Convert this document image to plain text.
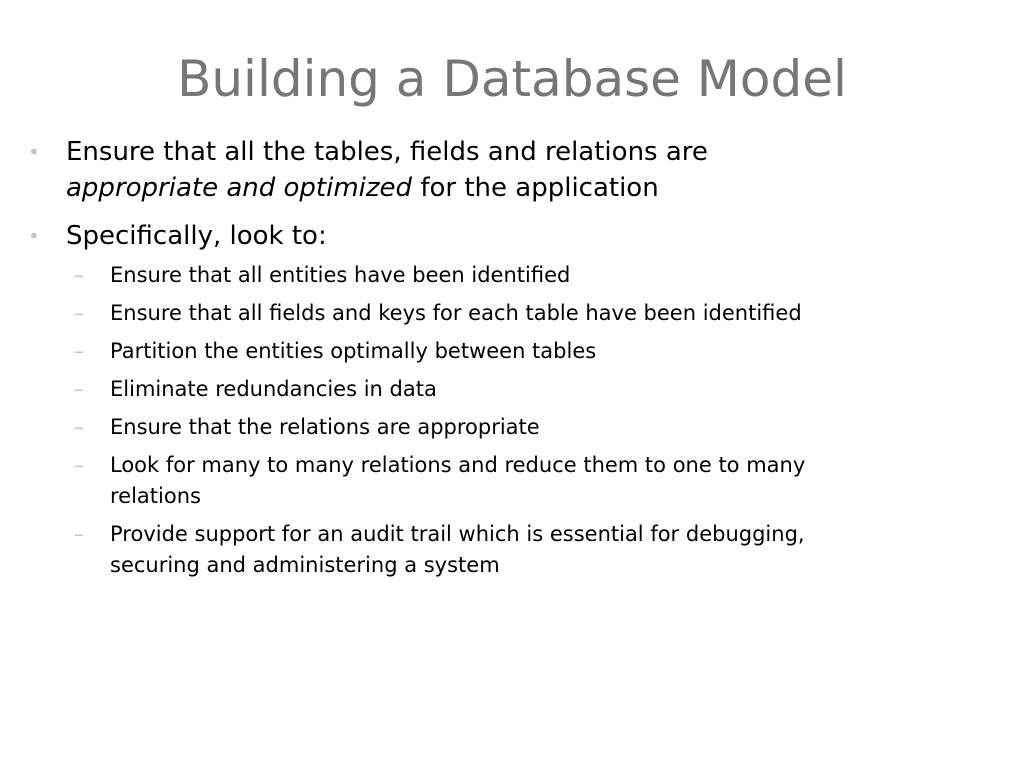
Building a Database Model
•	Ensure that all the tables, fields and relations are
appropriate and optimized for the application
•	Specifically, look to:
–	Ensure that all entities have been identified
–	Ensure that all fields and keys for each table have been identified
–	Partition the entities optimally between tables
–	Eliminate redundancies in data
–	Ensure that the relations are appropriate
–	Look for many to many relations and reduce them to one to many relations
–	Provide support for an audit trail which is essential for debugging, securing and administering a system
